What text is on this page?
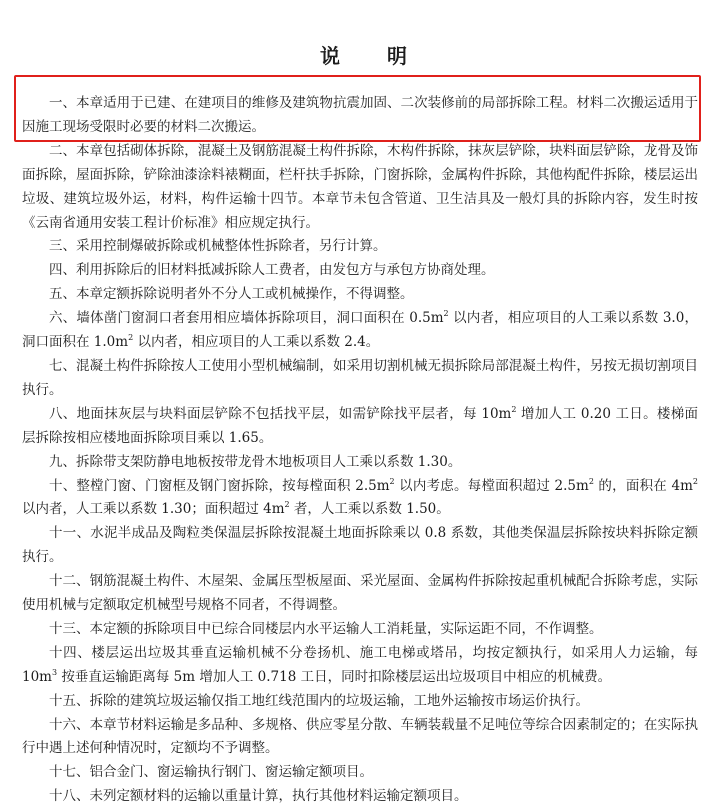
说 明

一、本章适用于已建、在建项目的维修及建筑物抗震加固、二次装修前的局部拆除工程。材料二次搬运适用于因施工现场受限时必要的材料二次搬运。

二、本章包括砌体拆除，混凝土及钢筋混凝土构件拆除，木构件拆除，抹灰层铲除，块料面层铲除，龙骨及饰面拆除，屋面拆除，铲除油漆涂料裱糊面，栏杆扶手拆除，门窗拆除，金属构件拆除，其他构配件拆除，楼层运出垃圾、建筑垃圾外运，材料，构件运输十四节。本章节未包含管道、卫生洁具及一般灯具的拆除内容，发生时按《云南省通用安装工程计价标准》相应规定执行。

三、采用控制爆破拆除或机械整体性拆除者，另行计算。

四、利用拆除后的旧材料抵减拆除人工费者，由发包方与承包方协商处理。

五、本章定额拆除说明者外不分人工或机械操作，不得调整。

六、墙体凿门窗洞口者套用相应墙体拆除项目，洞口面积在 $0.5m^2$ 以内者，相应项目的人工乘以系数 3.0，洞口面积在 $1.0m^2$ 以内者，相应项目的人工乘以系数 2.4。

七、混凝土构件拆除按人工使用小型机械编制，如采用切割机械无损拆除局部混凝土构件，另按无损切割项目执行。

八、地面抹灰层与块料面层铲除不包括找平层，如需铲除找平层者，每 $10m^2$ 增加人工 0.20 工日。楼梯面层拆除按相应楼地面拆除项目乘以 1.65。

九、拆除带支架防静电地板按带龙骨木地板项目人工乘以系数 1.30。

十、整樘门窗、门窗框及钢门窗拆除，按每樘面积 $2.5m^2$ 以内考虑。每樘面积超过 $2.5m^2$ 的，面积在 $4m^2$ 以内者，人工乘以系数 1.30；面积超过 $4m^2$ 者，人工乘以系数 1.50。

十一、水泥半成品及陶粒类保温层拆除按混凝土地面拆除乘以 0.8 系数，其他类保温层拆除按块料拆除定额执行。

十二、钢筋混凝土构件、木屋架、金属压型板屋面、采光屋面、金属构件拆除按起重机械配合拆除考虑，实际使用机械与定额取定机械型号规格不同者，不得调整。

十三、本定额的拆除项目中已综合同楼层内水平运输人工消耗量，实际运距不同，不作调整。

十四、楼层运出垃圾其垂直运输机械不分卷扬机、施工电梯或塔吊，均按定额执行，如采用人力运输，每 $10m^3$ 按垂直运输距离每 5m 增加人工 0.718 工日，同时扣除楼层运出垃圾项目中相应的机械费。

十五、拆除的建筑垃圾运输仅指工地红线范围内的垃圾运输，工地外运输按市场运价执行。

十六、本章节材料运输是多品种、多规格、供应零星分散、车辆装载量不足吨位等综合因素制定的；在实际执行中遇上述何种情况时，定额均不予调整。

十七、铝合金门、窗运输执行钢门、窗运输定额项目。

十八、未列定额材料的运输以重量计算，执行其他材料运输定额项目。
